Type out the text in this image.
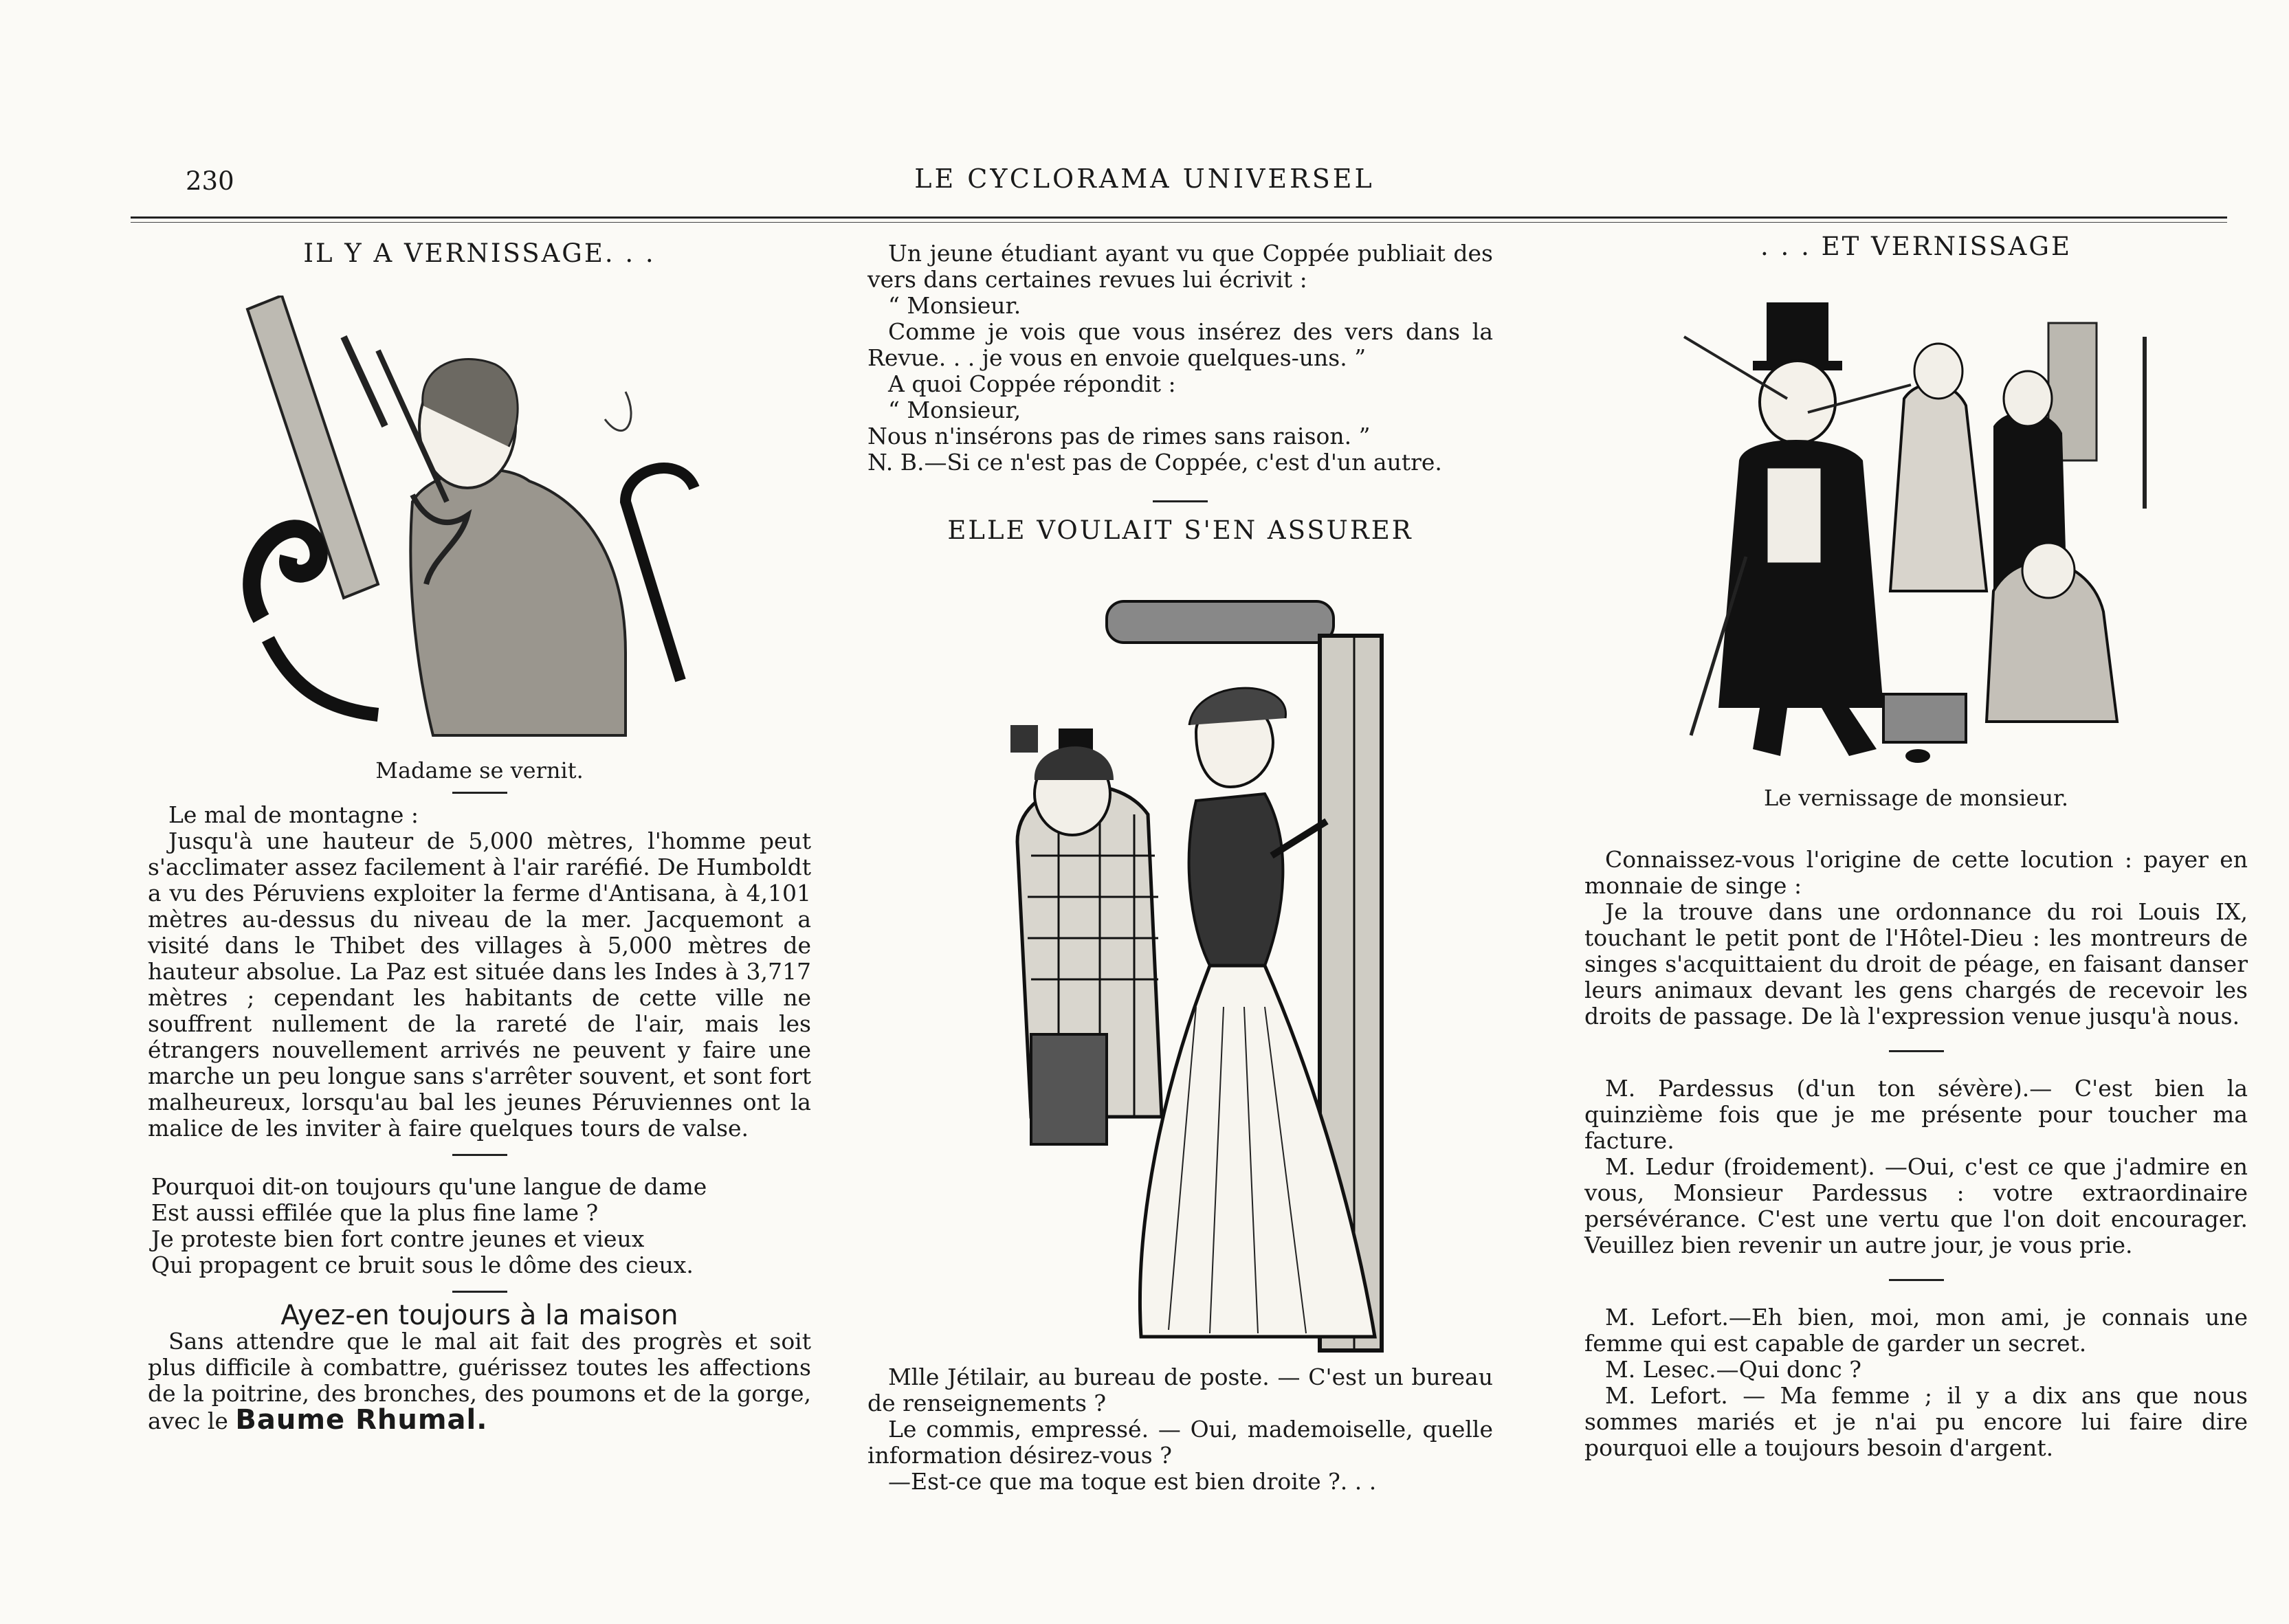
230	LE CYCLORAMA UNIVERSEL
IL Y A VERNISSAGE. . .
Madame se vernit.

Le mal de montagne :

Jusqu'à une hauteur de 5,000 mètres, l'homme peut s'acclimater assez facilement à l'air raréfié. De Humboldt a vu des Péruviens exploiter la ferme d'Antisana, à 4,101 mètres au-dessus du niveau de la mer. Jacquemont a visité dans le Thibet des villages à 5,000 mètres de hauteur absolue. La Paz est située dans les Indes à 3,717 mètres ; cependant les habitants de cette ville ne souffrent nullement de la rareté de l'air, mais les étrangers nouvellement arrivés ne peuvent y faire une marche un peu longue sans s'arrêter souvent, et sont fort malheureux, lorsqu'au bal les jeunes Péruviennes ont la malice de les inviter à faire quelques tours de valse.

Pourquoi dit-on toujours qu'une langue de dame
Est aussi effilée que la plus fine lame ?
Je proteste bien fort contre jeunes et vieux
Qui propagent ce bruit sous le dôme des cieux.
Ayez-en toujours à la maison

Sans attendre que le mal ait fait des progrès et soit plus difficile à combattre, guérissez toutes les affections de la poitrine, des bronches, des poumons et de la gorge, avec le Baume Rhumal.

Un jeune étudiant ayant vu que Coppée publiait des vers dans certaines revues lui écrivit :

“ Monsieur.

Comme je vois que vous insérez des vers dans la Revue. . . je vous en envoie quelques-uns. ”

A quoi Coppée répondit :

“ Monsieur,

Nous n'insérons pas de rimes sans raison. ”

N. B.—Si ce n'est pas de Coppée, c'est d'un autre.

ELLE VOULAIT S'EN ASSURER

Mlle Jétilair, au bureau de poste. — C'est un bureau de renseignements ?

Le commis, empressé. — Oui, mademoiselle, quelle information désirez-vous ?

—Est-ce que ma toque est bien droite ?. . .

. . . ET VERNISSAGE
Le vernissage de monsieur.

Connaissez-vous l'origine de cette locution : payer en monnaie de singe :

Je la trouve dans une ordonnance du roi Louis IX, touchant le petit pont de l'Hôtel-Dieu : les montreurs de singes s'acquittaient du droit de péage, en faisant danser leurs animaux devant les gens chargés de recevoir les droits de passage. De là l'expression venue jusqu'à nous.

M. Pardessus (d'un ton sévère).— C'est bien la quinzième fois que je me présente pour toucher ma facture.

M. Ledur (froidement). —Oui, c'est ce que j'admire en vous, Monsieur Pardessus : votre extraordinaire persévérance. C'est une vertu que l'on doit encourager. Veuillez bien revenir un autre jour, je vous prie.

M. Lefort.—Eh bien, moi, mon ami, je connais une femme qui est capable de garder un secret.

M. Lesec.—Qui donc ?

M. Lefort. — Ma femme ; il y a dix ans que nous sommes mariés et je n'ai pu encore lui faire dire pourquoi elle a toujours besoin d'argent.
